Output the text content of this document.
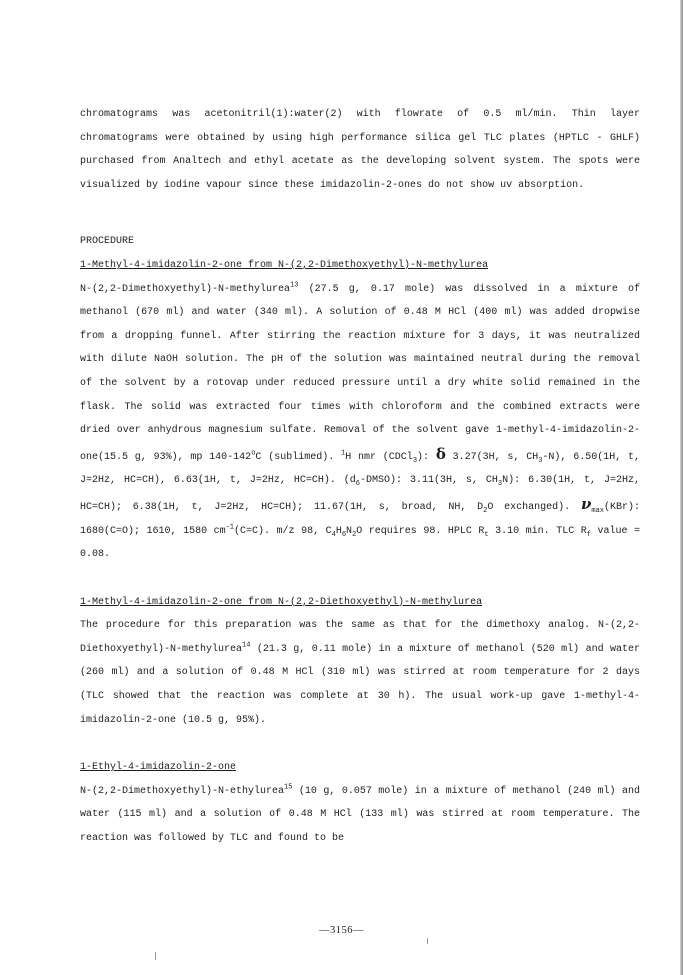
chromatograms was acetonitril(1):water(2) with flowrate of 0.5 ml/min. Thin layer chromatograms were obtained by using high performance silica gel TLC plates (HPTLC - GHLF) purchased from Analtech and ethyl acetate as the developing solvent system. The spots were visualized by iodine vapour since these imidazolin-2-ones do not show uv absorption.

PROCEDURE

1-Methyl-4-imidazolin-2-one from N-(2,2-Dimethoxyethyl)-N-methylurea

N-(2,2-Dimethoxyethyl)-N-methylurea$^{13}$ (27.5 g, 0.17 mole) was dissolved in a mixture of methanol (670 ml) and water (340 ml). A solution of 0.48 M HCl (400 ml) was added dropwise from a dropping funnel. After stirring the reaction mixture for 3 days, it was neutralized with dilute NaOH solution. The pH of the solution was maintained neutral during the removal of the solvent by a rotovap under reduced pressure until a dry white solid remained in the flask. The solid was extracted four times with chloroform and the combined extracts were dried over anhydrous magnesium sulfate. Removal of the solvent gave 1-methyl-4-imidazolin-2-one(15.5 g, 93%), mp 140-142$^o$C (sublimed). $^1$H nmr (CDCl$_3$): δ 3.27(3H, s, $CH_3-N$), 6.50(1H, t, J=2Hz, HC=CH), 6.63(1H, t, J=2Hz, HC=CH). $(d_6-DMSO)$: 3.11(3H, s, $CH_3N$): 6.30(1H, t, J=2Hz, HC=CH); 6.38(1H, t, J=2Hz, HC=CH); 11.67(1H, s, broad, NH, $D_2O$ exchanged). $\nu_{max}(KBr)$: 1680(C=O); 1610, 1580 $cm^{-1}(C=C)$. m/z 98, $C_4H_6N_2O$ requires 98. HPLC $R_t$ 3.10 min. TLC $R_f$ value = 0.08.

1-Methyl-4-imidazolin-2-one from N-(2,2-Diethoxyethyl)-N-methylurea

The procedure for this preparation was the same as that for the dimethoxy analog. N-(2,2-Diethoxyethyl)-N-methylurea$^{14}$ (21.3 g, 0.11 mole) in a mixture of methanol (520 ml) and water (260 ml) and a solution of 0.48 M HCl (310 ml) was stirred at room temperature for 2 days (TLC showed that the reaction was complete at 30 h). The usual work-up gave 1-methyl-4-imidazolin-2-one (10.5 g, 95%).

1-Ethyl-4-imidazolin-2-one

N-(2,2-Dimethoxyethyl)-N-ethylurea$^{15}$ (10 g, 0.057 mole) in a mixture of methanol (240 ml) and water (115 ml) and a solution of 0.48 M HCl (133 ml) was stirred at room temperature. The reaction was followed by TLC and found to be

—3156—
